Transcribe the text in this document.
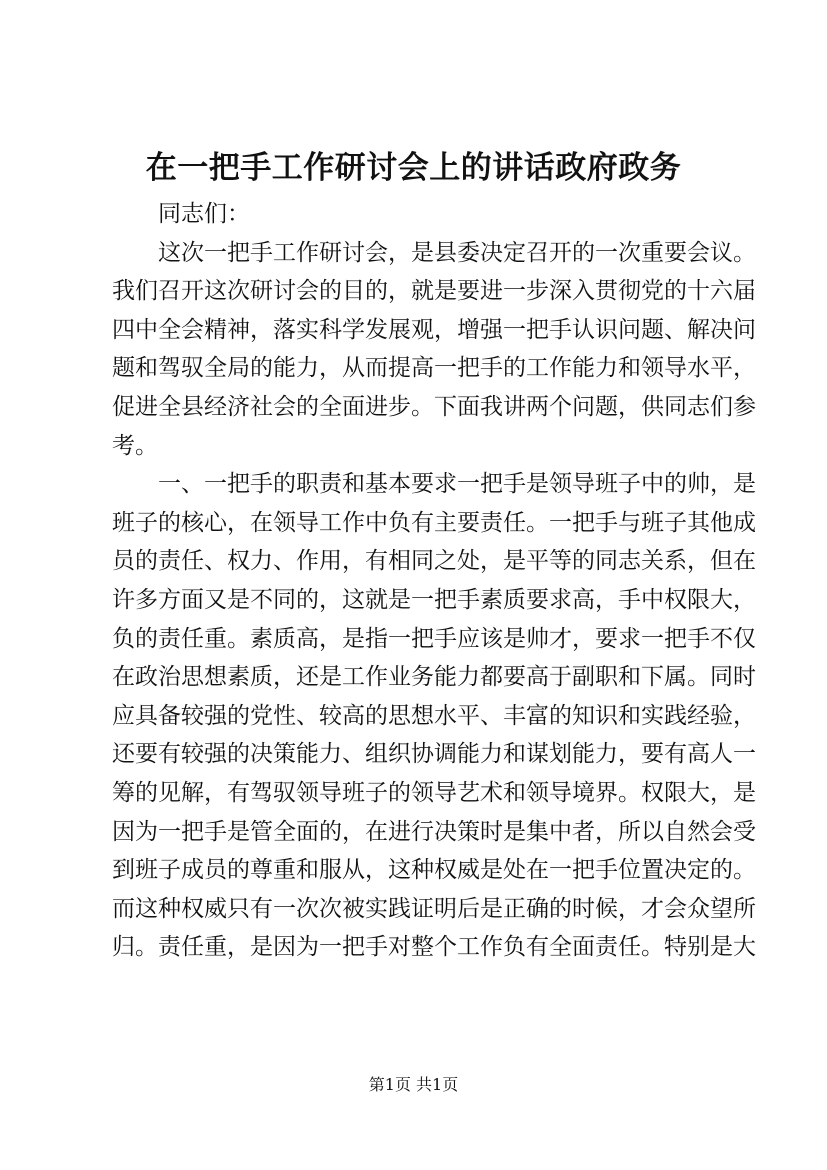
在一把手工作研讨会上的讲话政府政务
同志们：
这次一把手工作研讨会，是县委决定召开的一次重要会议。
我们召开这次研讨会的目的，就是要进一步深入贯彻党的十六届
四中全会精神，落实科学发展观，增强一把手认识问题、解决问
题和驾驭全局的能力，从而提高一把手的工作能力和领导水平，
促进全县经济社会的全面进步。下面我讲两个问题，供同志们参
考。
一、一把手的职责和基本要求一把手是领导班子中的帅，是
班子的核心，在领导工作中负有主要责任。一把手与班子其他成
员的责任、权力、作用，有相同之处，是平等的同志关系，但在
许多方面又是不同的，这就是一把手素质要求高，手中权限大，
负的责任重。素质高，是指一把手应该是帅才，要求一把手不仅
在政治思想素质，还是工作业务能力都要高于副职和下属。同时
应具备较强的党性、较高的思想水平、丰富的知识和实践经验，
还要有较强的决策能力、组织协调能力和谋划能力，要有高人一
筹的见解，有驾驭领导班子的领导艺术和领导境界。权限大，是
因为一把手是管全面的，在进行决策时是集中者，所以自然会受
到班子成员的尊重和服从，这种权威是处在一把手位置决定的。
而这种权威只有一次次被实践证明后是正确的时候，才会众望所
归。责任重，是因为一把手对整个工作负有全面责任。特别是大
第1页 共1页
